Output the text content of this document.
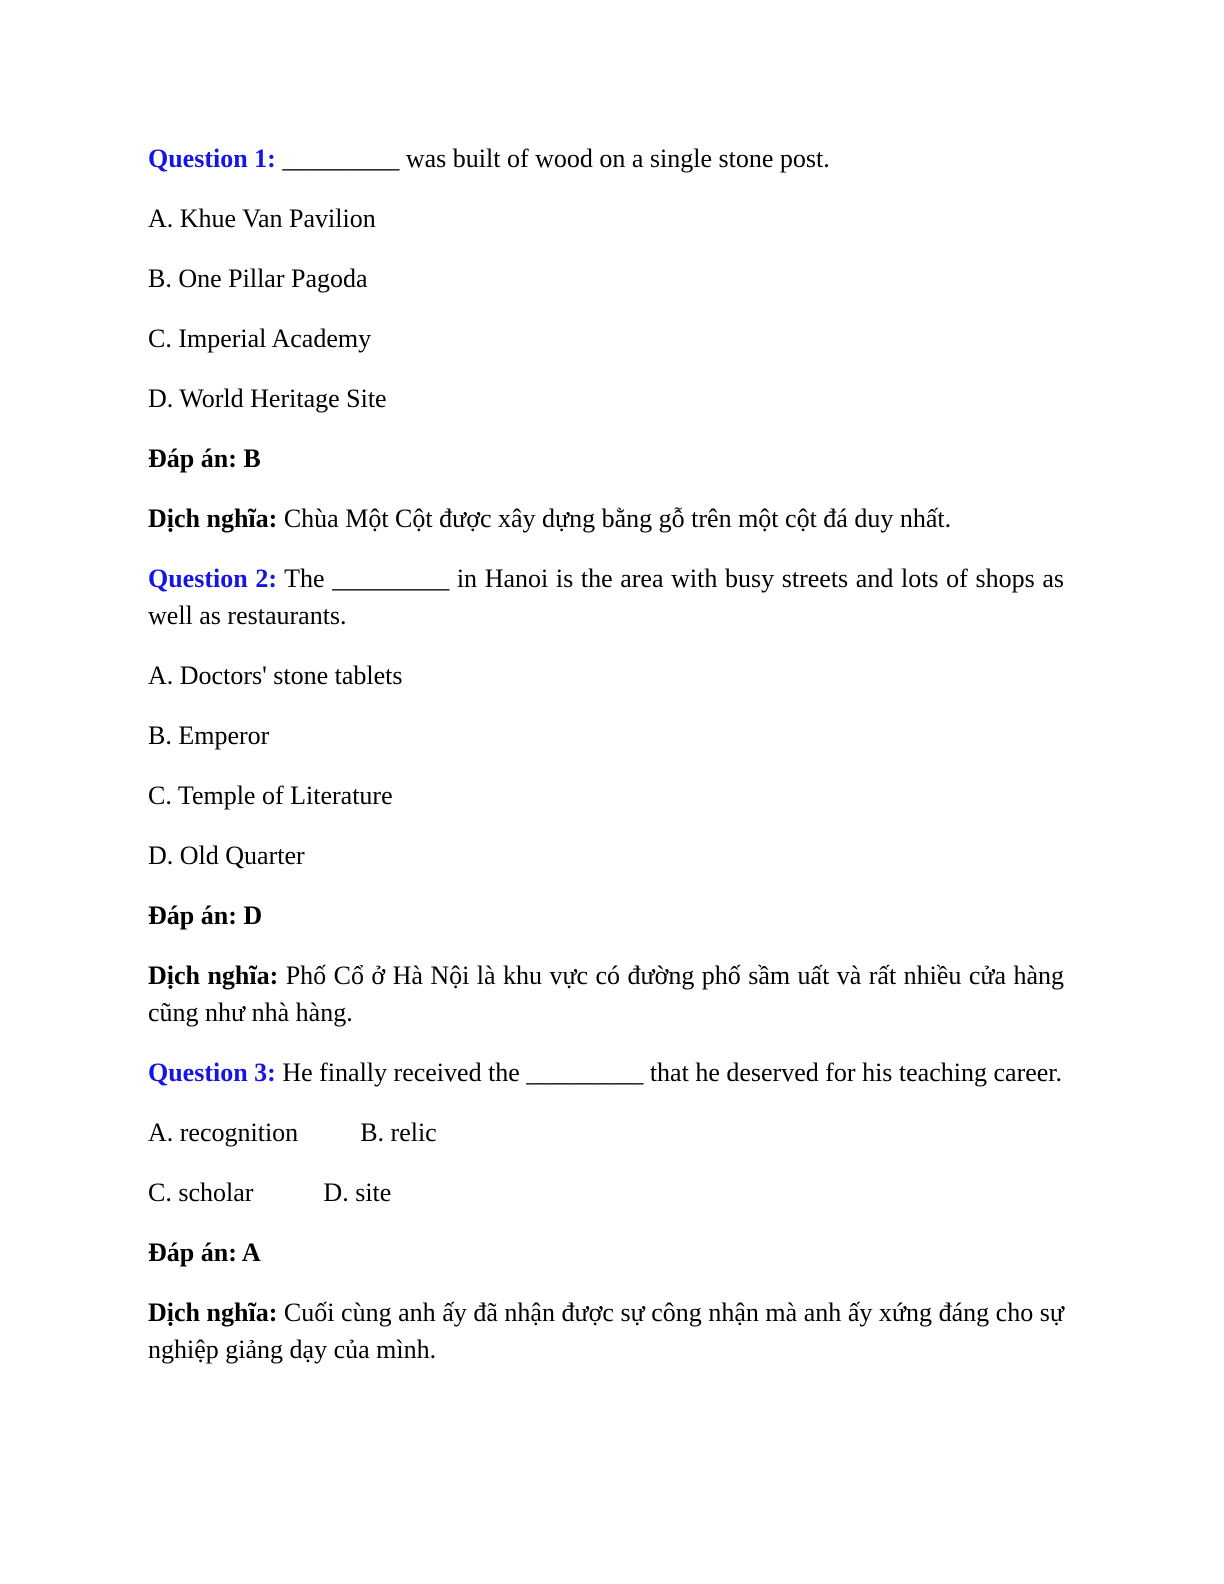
Question 1: _________ was built of wood on a single stone post.
A. Khue Van Pavilion
B. One Pillar Pagoda
C. Imperial Academy
D. World Heritage Site
Đáp án: B
Dịch nghĩa: Chùa Một Cột được xây dựng bằng gỗ trên một cột đá duy nhất.
Question 2: The _________ in Hanoi is the area with busy streets and lots of shops as well as restaurants.
A. Doctors' stone tablets
B. Emperor
C. Temple of Literature
D. Old Quarter
Đáp án: D
Dịch nghĩa: Phố Cổ ở Hà Nội là khu vực có đường phố sầm uất và rất nhiều cửa hàng cũng như nhà hàng.
Question 3: He finally received the _________ that he deserved for his teaching career.
A. recognition B. relic
C. scholar	D. site
Đáp án: A
Dịch nghĩa: Cuối cùng anh ấy đã nhận được sự công nhận mà anh ấy xứng đáng cho sự nghiệp giảng dạy của mình.
